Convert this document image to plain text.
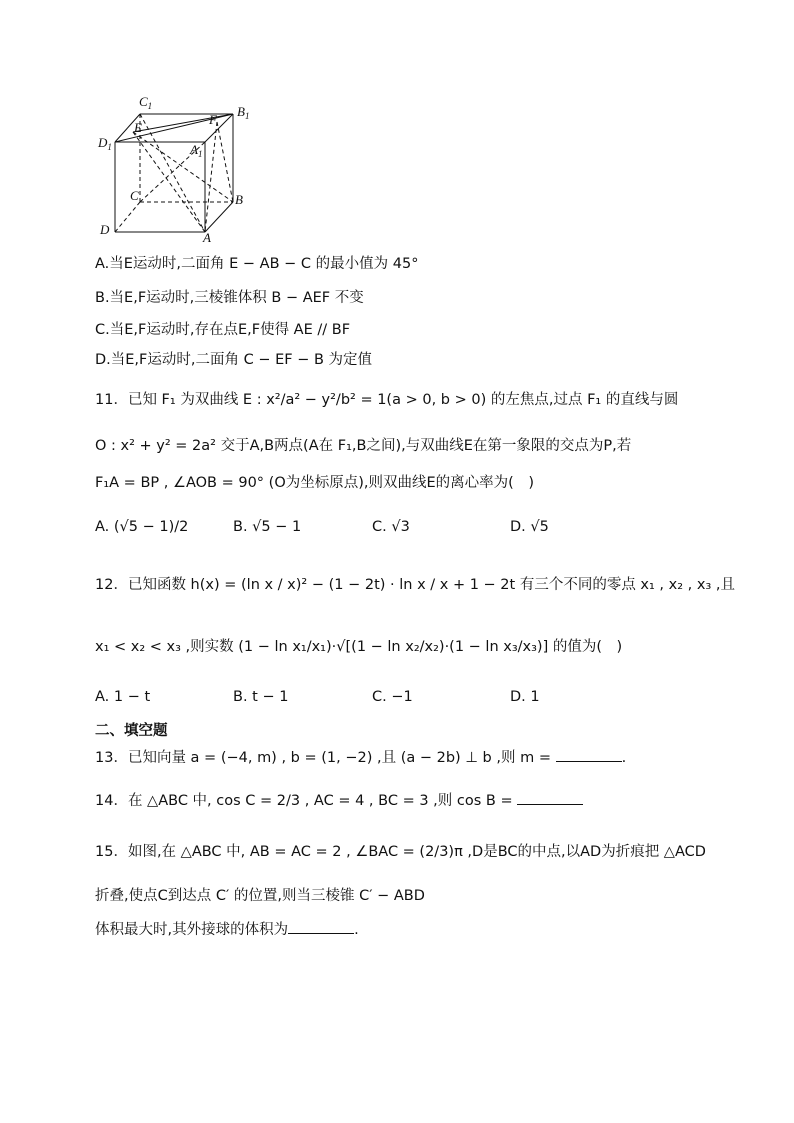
$C_1$	$B_1$
$D_1$	$A_1$
E
F
C	B
D
A
A.当E运动时,二面角 E − AB − C 的最小值为 45°
B.当E,F运动时,三棱锥体积 B − AEF 不变
C.当E,F运动时,存在点E,F使得 AE // BF
D.当E,F运动时,二面角 C − EF − B 为定值
11．已知 F₁ 为双曲线 E : x²/a² − y²/b² = 1(a > 0, b > 0) 的左焦点,过点 F₁ 的直线与圆
O : x² + y² = 2a² 交于A,B两点(A在 F₁,B之间),与双曲线E在第一象限的交点为P,若
F₁A = BP , ∠AOB = 90° (O为坐标原点),则双曲线E的离心率为(　)
A. (√5 − 1)/2	B. √5 − 1	C. √3	D. √5
12．已知函数 h(x) = (ln x / x)² − (1 − 2t) · ln x / x + 1 − 2t 有三个不同的零点 x₁ , x₂ , x₃ ,且
x₁ < x₂ < x₃ ,则实数 (1 − ln x₁/x₁)·√[(1 − ln x₂/x₂)·(1 − ln x₃/x₃)] 的值为(　)
A. 1 − t	B. t − 1	C. −1	D. 1
二、填空题
13．已知向量 a = (−4, m) , b = (1, −2) ,且 (a − 2b) ⊥ b ,则 m =	.
14．在 △ABC 中, cos C = 2/3 , AC = 4 , BC = 3 ,则 cos B =
15．如图,在 △ABC 中, AB = AC = 2 , ∠BAC = (2/3)π ,D是BC的中点,以AD为折痕把 △ACD
折叠,使点C到达点 C′ 的位置,则当三棱锥 C′ − ABD
体积最大时,其外接球的体积为	.
